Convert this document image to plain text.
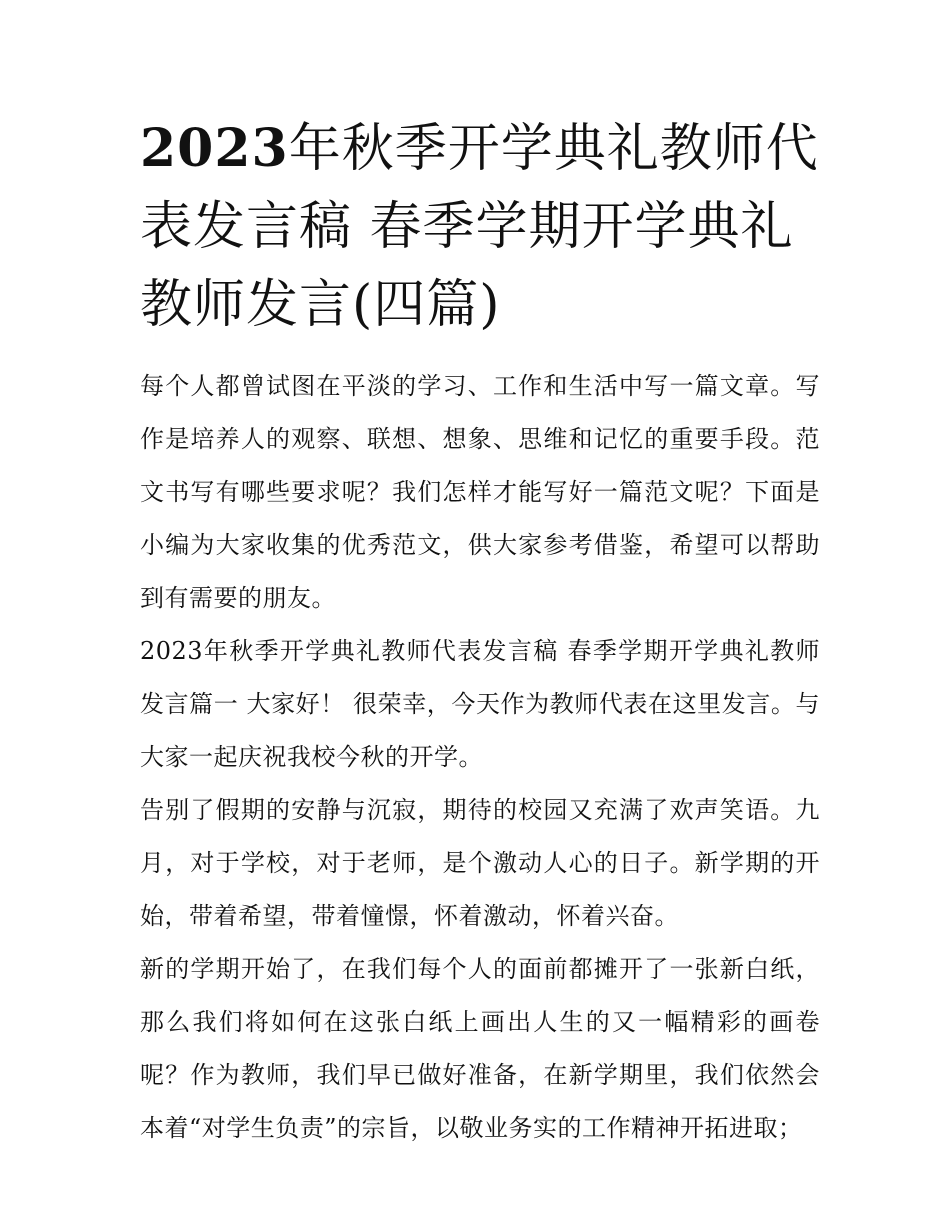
2023年秋季开学典礼教师代表发言稿 春季学期开学典礼教师发言(四篇)

每个人都曾试图在平淡的学习、工作和生活中写一篇文章。写作是培养人的观察、联想、想象、思维和记忆的重要手段。范文书写有哪些要求呢？我们怎样才能写好一篇范文呢？下面是小编为大家收集的优秀范文，供大家参考借鉴，希望可以帮助到有需要的朋友。

2023年秋季开学典礼教师代表发言稿 春季学期开学典礼教师发言篇一 大家好！ 很荣幸，今天作为教师代表在这里发言。与大家一起庆祝我校今秋的开学。

告别了假期的安静与沉寂，期待的校园又充满了欢声笑语。九月，对于学校，对于老师，是个激动人心的日子。新学期的开始，带着希望，带着憧憬，怀着激动，怀着兴奋。

新的学期开始了，在我们每个人的面前都摊开了一张新白纸，那么我们将如何在这张白纸上画出人生的又一幅精彩的画卷呢？作为教师，我们早已做好准备，在新学期里，我们依然会本着“对学生负责”的宗旨，以敬业务实的工作精神开拓进取；
